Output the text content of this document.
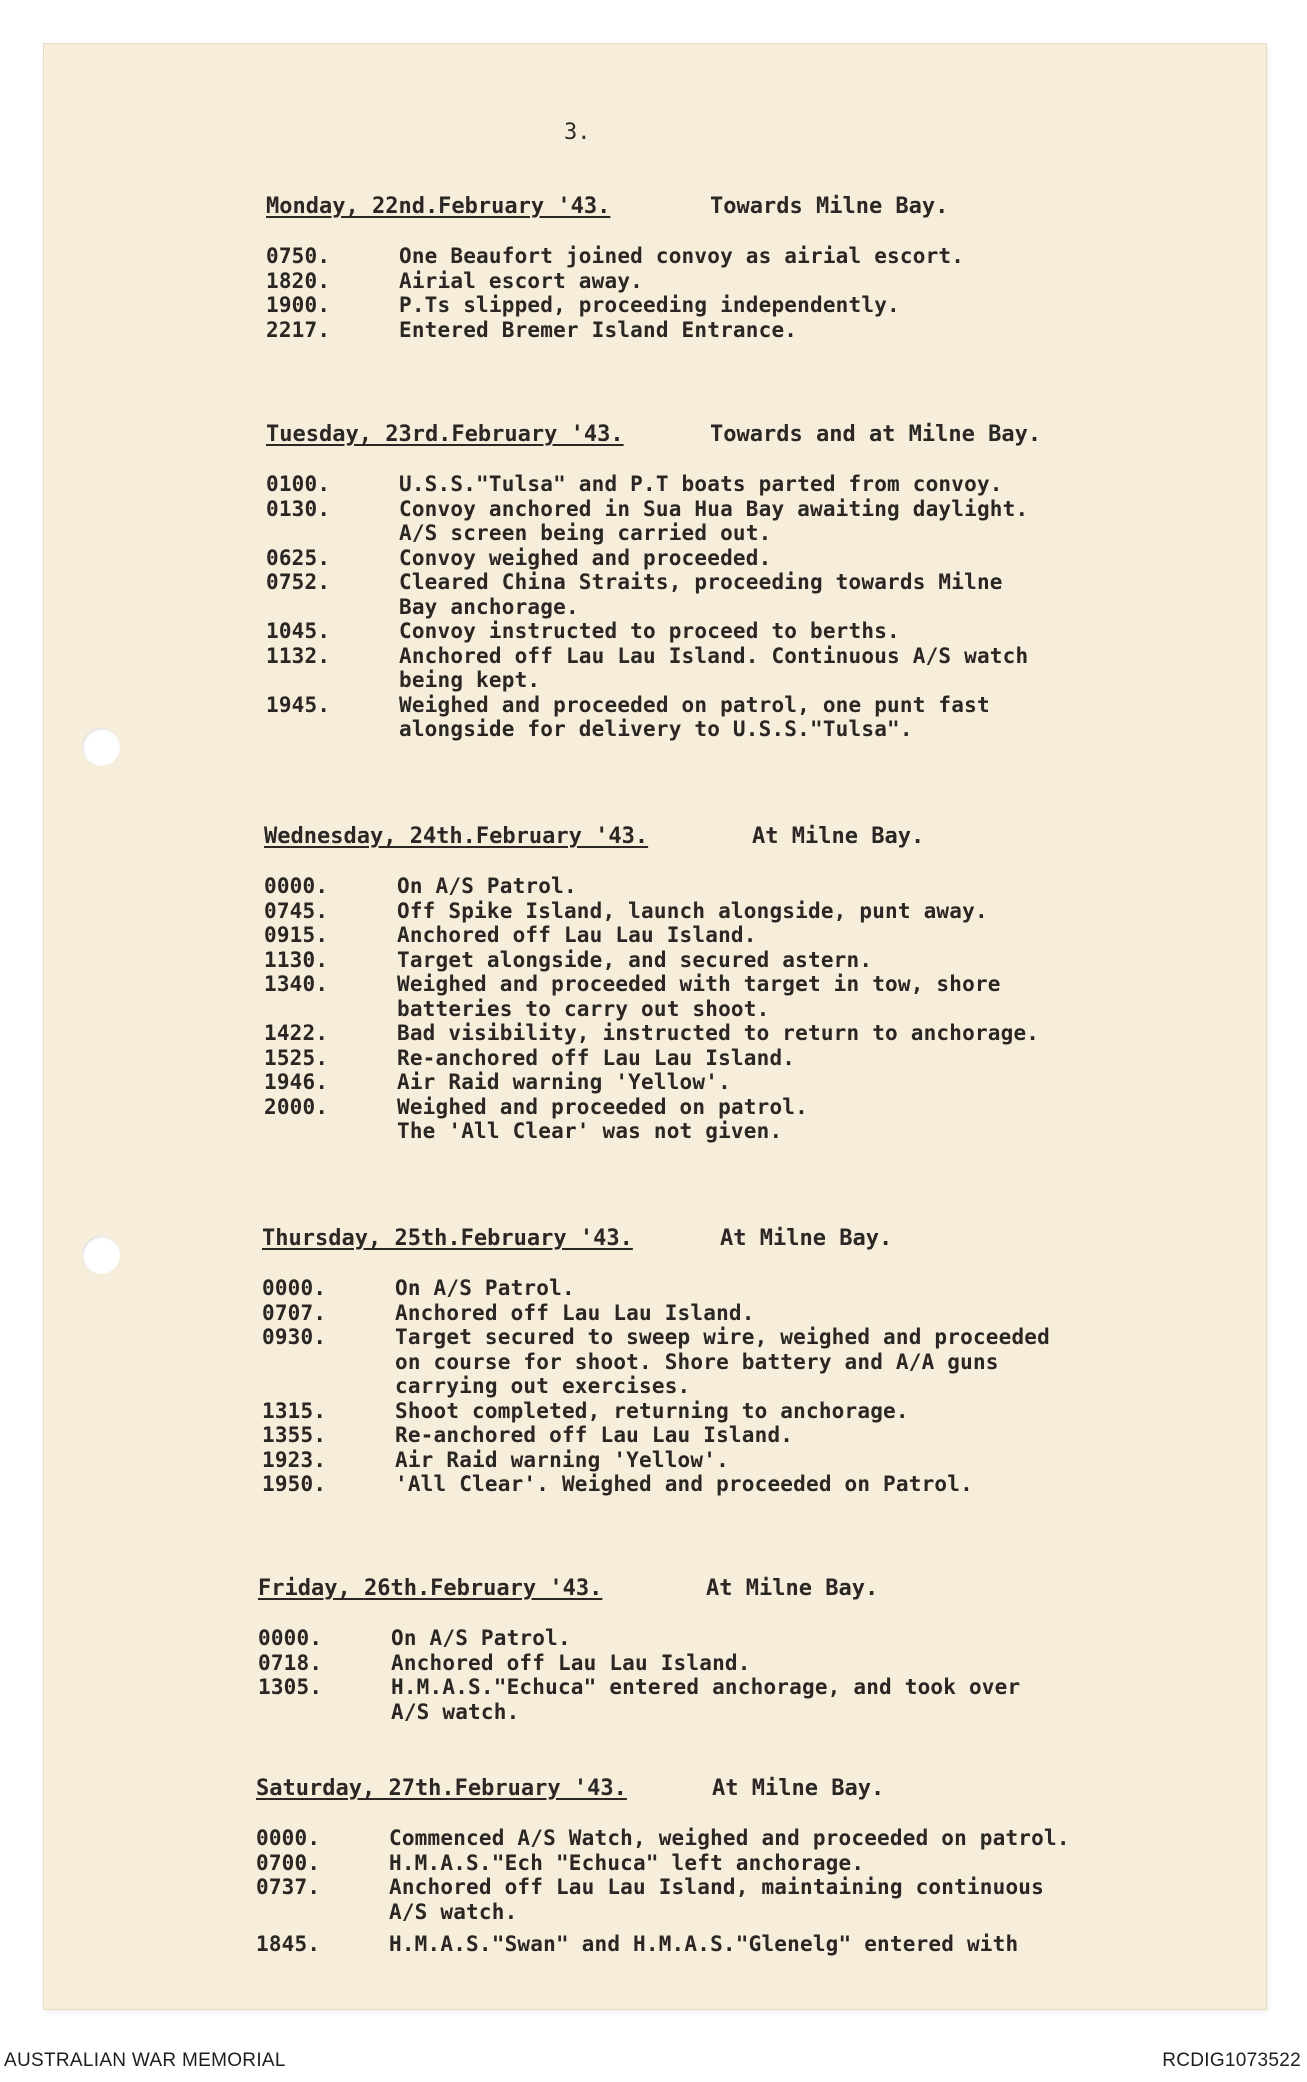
3.
Monday, 22nd.February '43.	Towards Milne Bay.
0750.	One Beaufort joined convoy as airial escort.
1820.	Airial escort away.
1900.	P.Ts slipped, proceeding independently.
2217.	Entered Bremer Island Entrance.
Tuesday, 23rd.February '43.	Towards and at Milne Bay.
0100.	U.S.S."Tulsa" and P.T boats parted from convoy.
0130.	Convoy anchored in Sua Hua Bay awaiting daylight.
A/S screen being carried out.
0625.	Convoy weighed and proceeded.
0752.	Cleared China Straits, proceeding towards Milne
Bay anchorage.
1045.	Convoy instructed to proceed to berths.
1132.	Anchored off Lau Lau Island. Continuous A/S watch
being kept.
1945.	Weighed and proceeded on patrol, one punt fast
alongside for delivery to U.S.S."Tulsa".
Wednesday, 24th.February '43.	At Milne Bay.
0000.	On A/S Patrol.
0745.	Off Spike Island, launch alongside, punt away.
0915.	Anchored off Lau Lau Island.
1130.	Target alongside, and secured astern.
1340.	Weighed and proceeded with target in tow, shore
batteries to carry out shoot.
1422.	Bad visibility, instructed to return to anchorage.
1525.	Re-anchored off Lau Lau Island.
1946.	Air Raid warning 'Yellow'.
2000.	Weighed and proceeded on patrol.
The 'All Clear' was not given.
Thursday, 25th.February '43.	At Milne Bay.
0000.	On A/S Patrol.
0707.	Anchored off Lau Lau Island.
0930.	Target secured to sweep wire, weighed and proceeded
on course for shoot. Shore battery and A/A guns
carrying out exercises.
1315.	Shoot completed, returning to anchorage.
1355.	Re-anchored off Lau Lau Island.
1923.	Air Raid warning 'Yellow'.
1950.	'All Clear'. Weighed and proceeded on Patrol.
Friday, 26th.February '43.	At Milne Bay.
0000.	On A/S Patrol.
0718.	Anchored off Lau Lau Island.
1305.	H.M.A.S."Echuca" entered anchorage, and took over
A/S watch.
Saturday, 27th.February '43.	At Milne Bay.
0000.	Commenced A/S Watch, weighed and proceeded on patrol.
0700.	H.M.A.S."Ech "Echuca" left anchorage.
0737.	Anchored off Lau Lau Island, maintaining continuous
A/S watch.
1845.	H.M.A.S."Swan" and H.M.A.S."Glenelg" entered with
AUSTRALIAN WAR MEMORIAL	RCDIG1073522
